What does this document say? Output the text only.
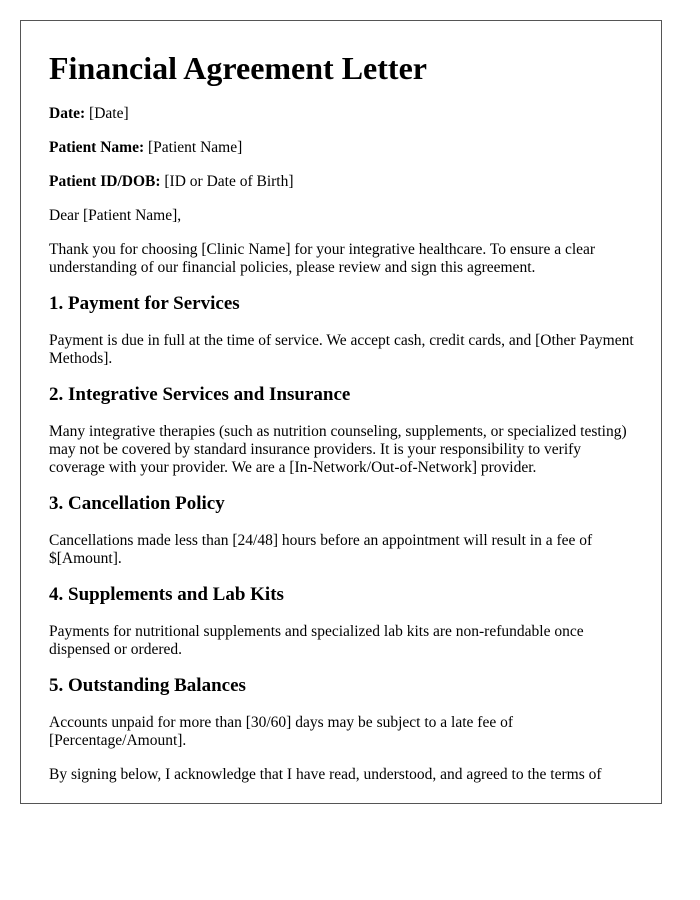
Financial Agreement Letter

Date: [Date]

Patient Name: [Patient Name]

Patient ID/DOB: [ID or Date of Birth]

Dear [Patient Name],

Thank you for choosing [Clinic Name] for your integrative healthcare. To ensure a clear understanding of our financial policies, please review and sign this agreement.

1. Payment for Services

Payment is due in full at the time of service. We accept cash, credit cards, and [Other Payment Methods].

2. Integrative Services and Insurance

Many integrative therapies (such as nutrition counseling, supplements, or specialized testing) may not be covered by standard insurance providers. It is your responsibility to verify coverage with your provider. We are a [In-Network/Out-of-Network] provider.

3. Cancellation Policy

Cancellations made less than [24/48] hours before an appointment will result in a fee of $[Amount].

4. Supplements and Lab Kits

Payments for nutritional supplements and specialized lab kits are non-refundable once dispensed or ordered.

5. Outstanding Balances

Accounts unpaid for more than [30/60] days may be subject to a late fee of [Percentage/Amount].

By signing below, I acknowledge that I have read, understood, and agreed to the terms of
